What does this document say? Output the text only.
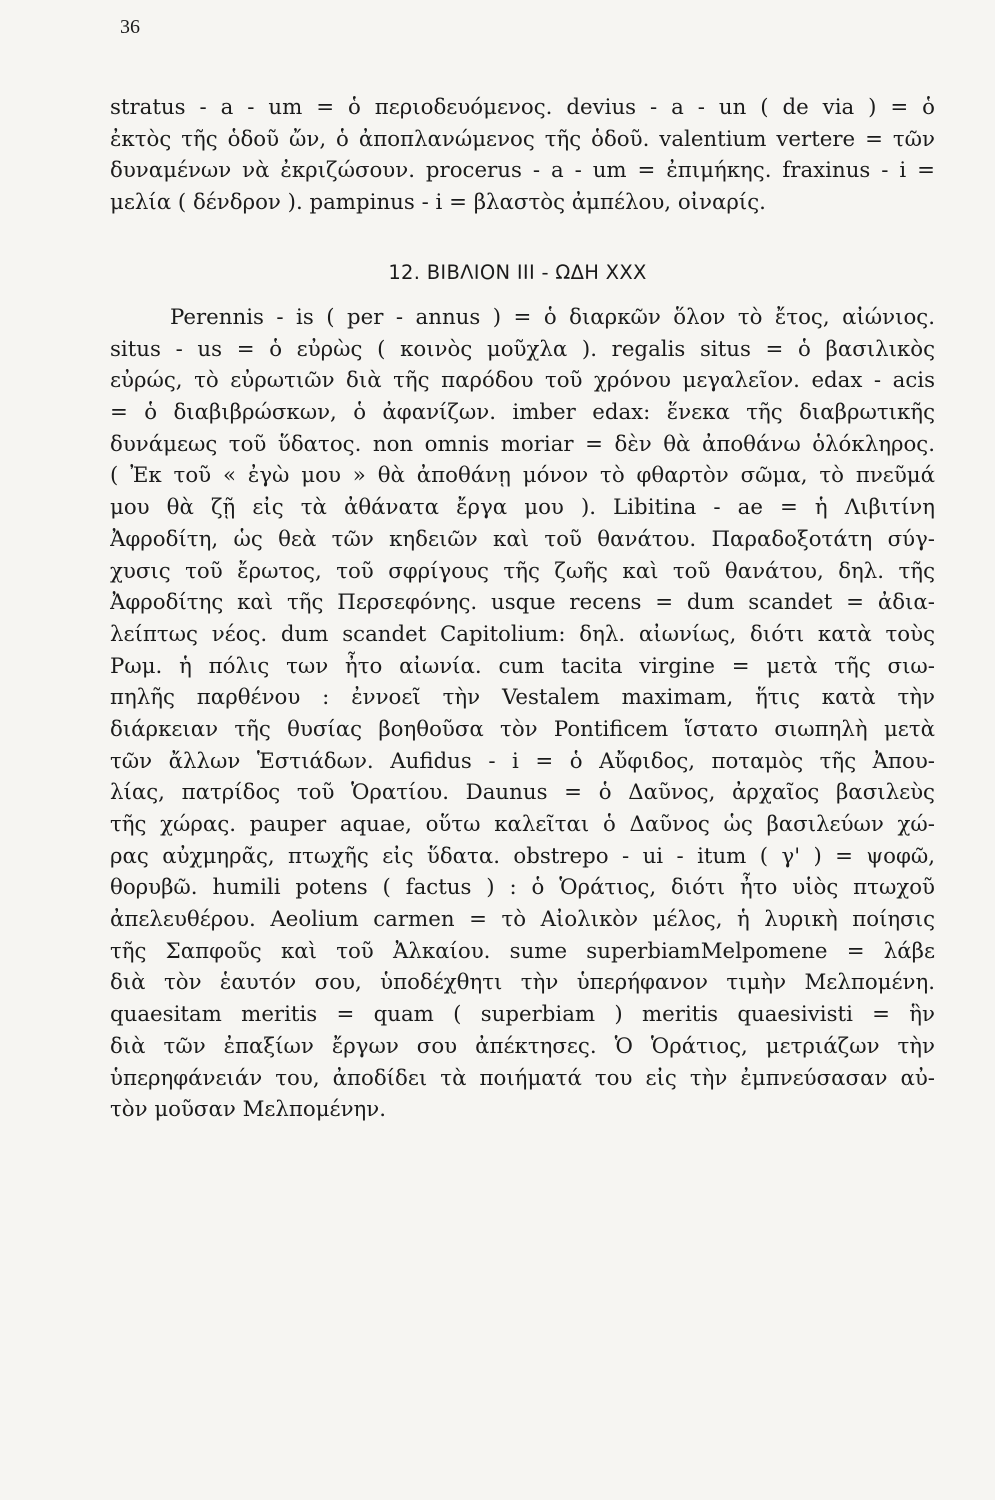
36
stratus - a - um = ὁ περιοδευόμενος. devius - a - un ( de via ) = ὁ
ἐκτὸς τῆς ὁδοῦ ὤν, ὁ ἀποπλανώμενος τῆς ὁδοῦ. valentium vertere = τῶν
δυναμένων νὰ ἐκριζώσουν. procerus - a - um = ἐπιμήκης. fraxinus - i =
μελία ( δένδρον ). pampinus - i = βλαστὸς ἀμπέλου, οἰναρίς.
12. ΒΙΒΛΙΟΝ ΙΙΙ - ΩΔΗ XXX
Perennis - is ( per - annus ) = ὁ διαρκῶν ὅλον τὸ ἔτος, αἰώνιος.
situs - us = ὁ εὐρὼς ( κοινὸς μοῦχλα ). regalis situs = ὁ βασιλικὸς
εὐρώς, τὸ εὐρωτιῶν διὰ τῆς παρόδου τοῦ χρόνου μεγαλεῖον. edax - acis
= ὁ διαβιβρώσκων, ὁ ἀφανίζων. imber edax: ἕνεκα τῆς διαβρωτικῆς
δυνάμεως τοῦ ὕδατος. non omnis moriar = δὲν θὰ ἀποθάνω ὁλόκληρος.
( Ἐκ τοῦ « ἐγὼ μου » θὰ ἀποθάνῃ μόνον τὸ φθαρτὸν σῶμα, τὸ πνεῦμά
μου θὰ ζῇ εἰς τὰ ἀθάνατα ἔργα μου ). Libitina - ae = ἡ Λιβιτίνη
Ἀφροδίτη, ὡς θεὰ τῶν κηδειῶν καὶ τοῦ θανάτου. Παραδοξοτάτη σύγ-
χυσις τοῦ ἔρωτος, τοῦ σφρίγους τῆς ζωῆς καὶ τοῦ θανάτου, δηλ. τῆς
Ἀφροδίτης καὶ τῆς Περσεφόνης. usque recens = dum scandet = ἀδια-
λείπτως νέος. dum scandet Capitolium: δηλ. αἰωνίως, διότι κατὰ τοὺς
Ρωμ. ἡ πόλις των ἦτο αἰωνία. cum tacita virgine = μετὰ τῆς σιω-
πηλῆς παρθένου : ἐννοεῖ τὴν Vestalem maximam, ἥτις κατὰ τὴν
διάρκειαν τῆς θυσίας βοηθοῦσα τὸν Pontificem ἵστατο σιωπηλὴ μετὰ
τῶν ἄλλων Ἑστιάδων. Aufidus - i = ὁ Αὔφιδος, ποταμὸς τῆς Ἀπου-
λίας, πατρίδος τοῦ Ὁρατίου. Daunus = ὁ Δαῦνος, ἀρχαῖος βασιλεὺς
τῆς χώρας. pauper aquae, οὕτω καλεῖται ὁ Δαῦνος ὡς βασιλεύων χώ-
ρας αὐχμηρᾶς, πτωχῆς εἰς ὕδατα. obstrepo - ui - itum ( γ' ) = ψοφῶ,
θορυβῶ. humili potens ( factus ) : ὁ Ὁράτιος, διότι ἦτο υἱὸς πτωχοῦ
ἀπελευθέρου. Aeolium carmen = τὸ Αἰολικὸν μέλος, ἡ λυρικὴ ποίησις
τῆς Σαπφοῦς καὶ τοῦ Ἀλκαίου. sume superbiamMelpomene = λάβε
διὰ τὸν ἑαυτόν σου, ὑποδέχθητι τὴν ὑπερήφανον τιμὴν Μελπομένη.
quaesitam meritis = quam ( superbiam ) meritis quaesivisti = ἣν
διὰ τῶν ἐπαξίων ἔργων σου ἀπέκτησες. Ὁ Ὁράτιος, μετριάζων τὴν
ὑπερηφάνειάν του, ἀποδίδει τὰ ποιήματά του εἰς τὴν ἐμπνεύσασαν αὐ-
τὸν μοῦσαν Μελπομένην.
